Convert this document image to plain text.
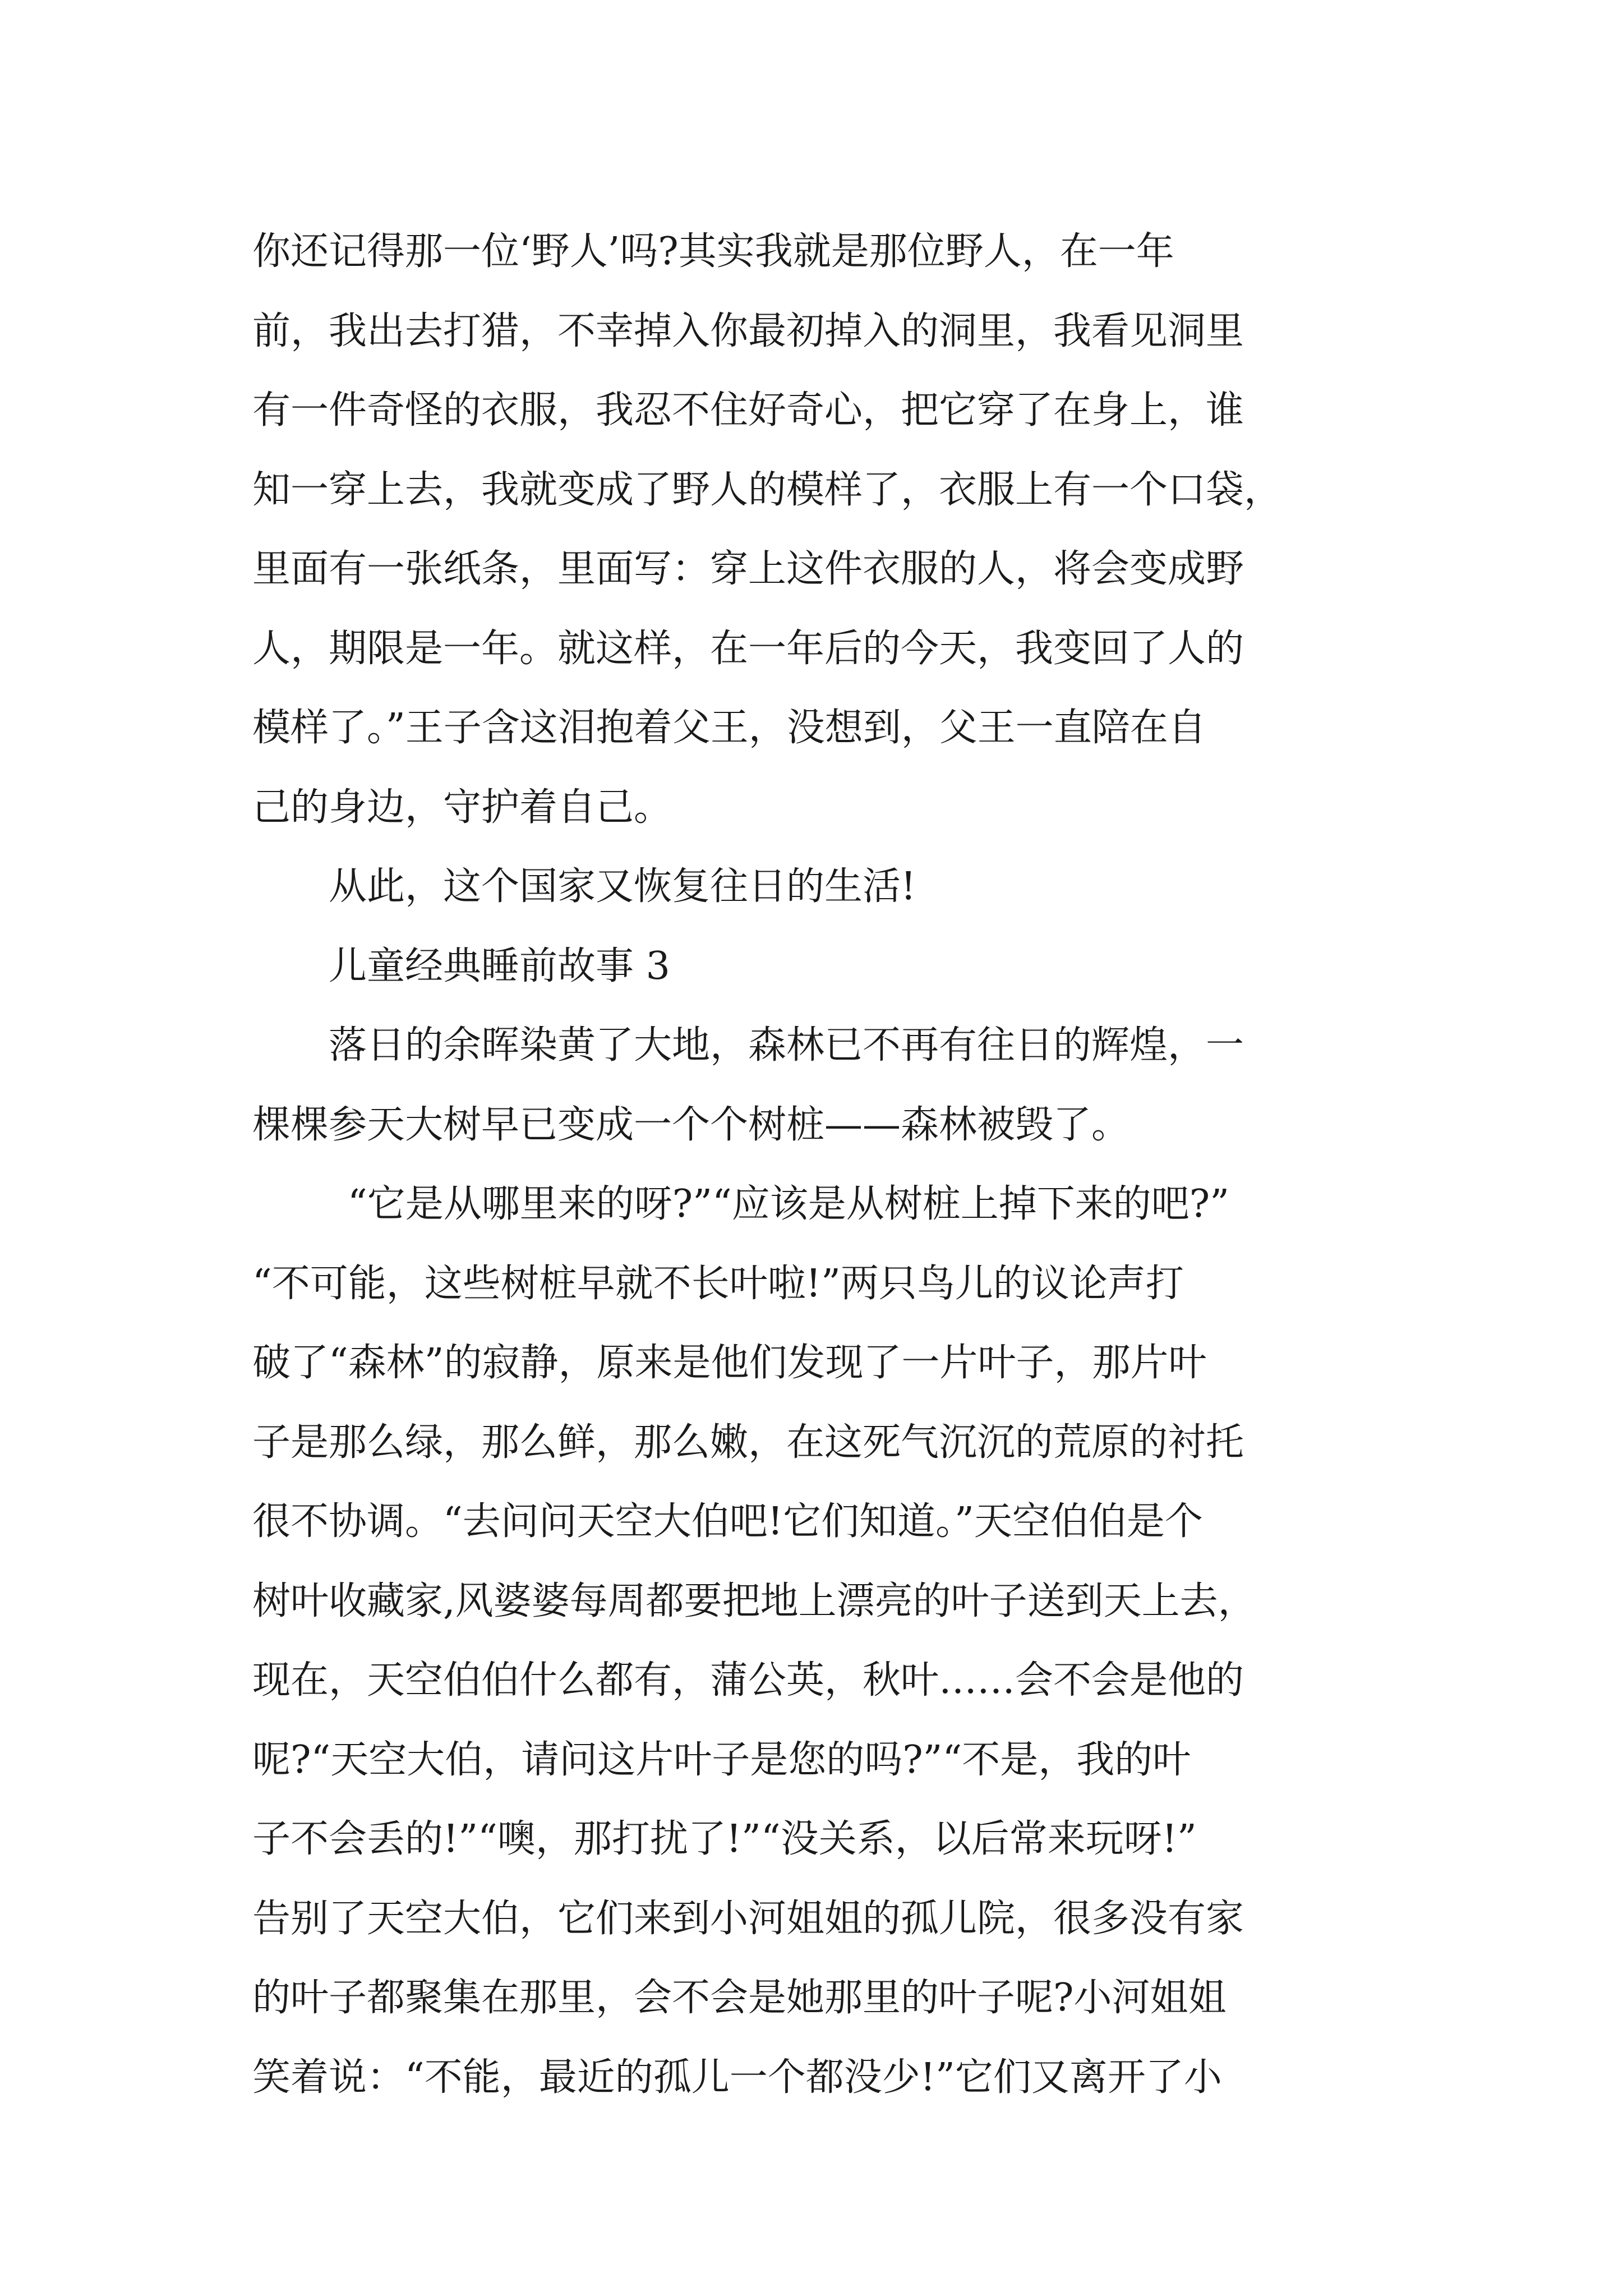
你还记得那一位‘野人’吗?其实我就是那位野人，在一年
前，我出去打猎，不幸掉入你最初掉入的洞里，我看见洞里
有一件奇怪的衣服，我忍不住好奇心，把它穿了在身上，谁
知一穿上去，我就变成了野人的模样了，衣服上有一个口袋，
里面有一张纸条，里面写：穿上这件衣服的人，将会变成野
人，期限是一年。就这样，在一年后的今天，我变回了人的
模样了。”王子含这泪抱着父王，没想到，父王一直陪在自
己的身边，守护着自己。
从此，这个国家又恢复往日的生活!
儿童经典睡前故事 3
落日的余晖染黄了大地，森林已不再有往日的辉煌，一
棵棵参天大树早已变成一个个树桩——森林被毁了。
“它是从哪里来的呀?”“应该是从树桩上掉下来的吧?”
“不可能，这些树桩早就不长叶啦!”两只鸟儿的议论声打
破了“森林”的寂静，原来是他们发现了一片叶子，那片叶
子是那么绿，那么鲜，那么嫩，在这死气沉沉的荒原的衬托
很不协调。“去问问天空大伯吧!它们知道。”天空伯伯是个
树叶收藏家,风婆婆每周都要把地上漂亮的叶子送到天上去，
现在，天空伯伯什么都有，蒲公英，秋叶……会不会是他的
呢?“天空大伯，请问这片叶子是您的吗?”“不是，我的叶
子不会丢的!”“噢，那打扰了!”“没关系，以后常来玩呀!”
告别了天空大伯，它们来到小河姐姐的孤儿院，很多没有家
的叶子都聚集在那里，会不会是她那里的叶子呢?小河姐姐
笑着说：“不能，最近的孤儿一个都没少!”它们又离开了小
